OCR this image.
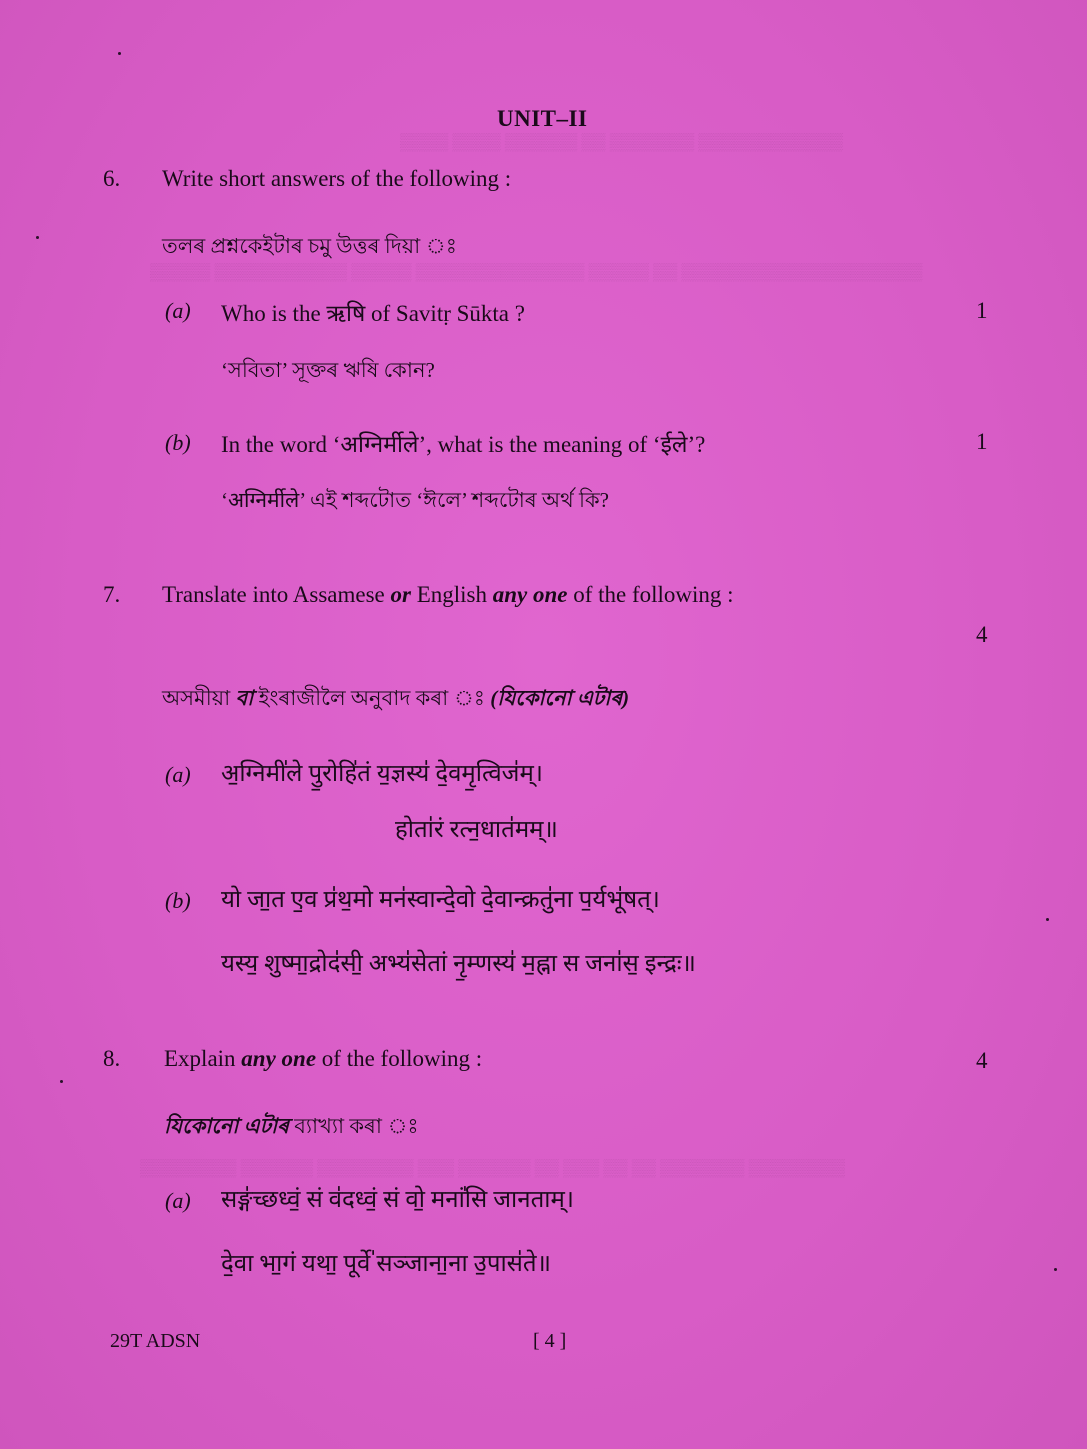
▒▒▒▒ ▒▒▒▒ ▒▒▒▒▒▒ ▒▒ ▒▒▒▒▒▒▒ ▒▒▒▒▒▒▒▒▒▒▒▒
▒▒▒▒▒ ▒▒▒▒▒▒▒▒▒▒▒ ▒▒▒▒▒ ▒▒▒▒▒▒▒▒▒▒▒▒▒▒ ▒▒▒▒▒ ▒▒ ▒▒▒▒▒▒▒▒▒▒▒▒▒▒▒▒▒▒▒▒
▒▒▒▒▒▒▒▒ ▒▒▒▒▒▒ ▒▒▒▒▒▒▒▒ ▒▒▒ ▒▒▒▒▒▒ ▒▒ ▒▒▒ ▒▒ ▒▒ ▒▒▒▒▒▒▒ ▒▒▒▒▒▒▒▒
UNIT–II
6. Write short answers of the following :
তলৰ প্ৰশ্নকেইটাৰ চমু উত্তৰ দিয়া ঃ
(a) Who is the ऋषि of Savitṛ Sūkta ?	1
‘সবিতা’ সূক্তৰ ঋষি কোন?
(b) In the word ‘अग्निर्मीले’, what is the meaning of ‘ईले’?	1
‘अग्निर्मीले’ এই শব্দটোত ‘ঈলে’ শব্দটোৰ অৰ্থ কি?
7. Translate into Assamese or English any one of the following :
4
অসমীয়া বা ইংৰাজীলৈ অনুবাদ কৰা ঃ (যিকোনো এটাৰ)
(a) अ॒ग्निमी॑ले पु॒रोहि॑तं य॒ज्ञस्य॑ दे॒वमृ॒त्विज॑म्।
होता॑रं रत्न॒धात॑मम्॥
(b) यो जा॒त ए॒व प्र॑थ॒मो मन॑स्वान्दे॒वो दे॒वान्क्रतु॑ना प॒र्यभू॑षत्।
यस्य॒ शुष्मा॒द्रोद॑सी॒ अभ्य॑सेतां नृ॒म्णस्य॑ म॒ह्ना स जना॑स॒ इन्द्रः॥
8. Explain any one of the following :	4
যিকোনো এটাৰ ব্যাখ্যা কৰা ঃ
(a) सङ्ग॑च्छध्वं॒ सं व॑दध्वं॒ सं वो॒ मनां॑सि जानताम्।
दे॒वा भा॒गं यथा॒ पूर्वे॑ सञ्जाना॒ना उ॒पास॑ते॥
29T ADSN	[ 4 ]
